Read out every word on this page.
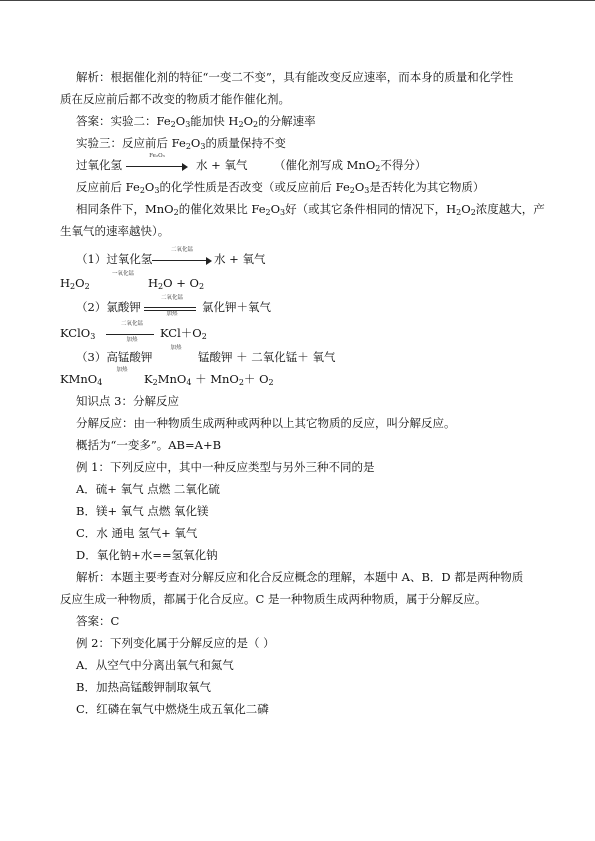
解析：根据催化剂的特征“一变二不变”，具有能改变反应速率，而本身的质量和化学性
质在反应前后都不改变的物质才能作催化剂。

答案：实验二：$Fe_2O_3$能加快 $H_2O_2$的分解速率

实验三：反应前后 $Fe_2O_3$的质量保持不变

过氧化氢
Fe₂O₃
水 + 氧气 （催化剂写成 MnO$_2$不得分）

反应前后 $Fe_2O_3$的化学性质是否改变（或反应前后 $Fe_2O_3$是否转化为其它物质）

相同条件下，MnO$_2$的催化效果比 $Fe_2O_3$好（或其它条件相同的情况下，$H_2O_2$浓度越大，产

生氧气的速率越快）。

（1）过氧化氢
二氧化锰
水 + 氧气
$H_2O_2$
一氧化锰
$H_2O + O_2$
（2）氯酸钾
二氧化锰
加热	氯化钾＋氧气
KClO$_3$
二氧化锰
加热	$KCl+O_2$
（3）高锰酸钾
加热
锰酸钾 ＋ 二氧化锰＋ 氧气
KMnO$_4$
加热
$K_2MnO_4 + MnO_2+ O_2$

知识点 3：分解反应

分解反应：由一种物质生成两种或两种以上其它物质的反应，叫分解反应。

概括为“一变多”。AB=A+B

例 1：下列反应中，其中一种反应类型与另外三种不同的是

A．硫+ 氧气 点燃 二氧化硫

B．镁+ 氧气 点燃 氧化镁

C．水 通电 氢气+ 氧气

D．氧化钠+水==氢氧化钠

解析：本题主要考查对分解反应和化合反应概念的理解，本题中 A、B．D 都是两种物质

反应生成一种物质，都属于化合反应。C 是一种物质生成两种物质，属于分解反应。

答案：C

例 2：下列变化属于分解反应的是（ ）

A．从空气中分离出氧气和氮气

B．加热高锰酸钾制取氧气

C．红磷在氧气中燃烧生成五氧化二磷
